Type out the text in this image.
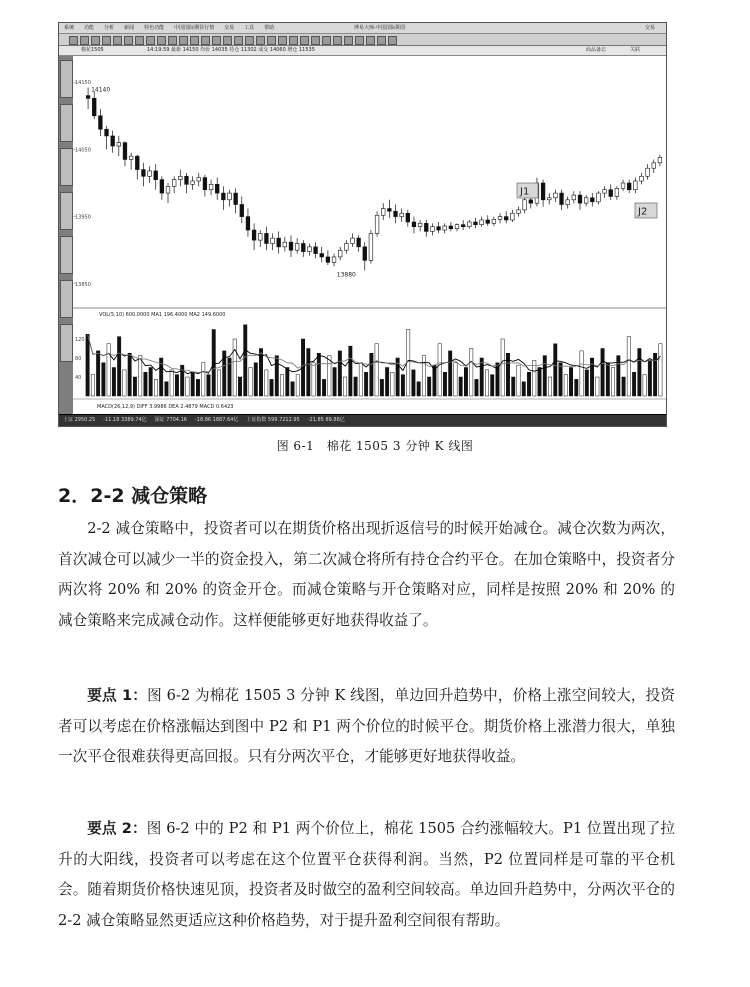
系统 功能 分析 新闻 特色功能 中国国际期货行情 交易 工具 帮助	博易大师-中国国际期货	交易
棉花1505	14:19:59 最新 14150 均价 14035 持仓 11302 成交 14060 增仓 11535	商品备忘	关联
14150
14050
13950
13850
14140
13880
J1
J2
VOL(5,10) 600.0000 MA1 196.4000 MA2 149.6000
120
80
40
MACD(26,12,9) DIFF 3.9986 DEA 2.4879 MACD 0.6423
上证 2950.25 -11.18 3389.74亿 深证 7704.16 -18.86 1887.64亿 上证指数 599.7212.95 -21.85 89.88亿
图 6-1　棉花 1505 3 分钟 K 线图
2．2-2 减仓策略

2-2 减仓策略中，投资者可以在期货价格出现折返信号的时候开始减仓。减仓次数为两次，首次减仓可以减少一半的资金投入，第二次减仓将所有持仓合约平仓。在加仓策略中，投资者分两次将 20% 和 20% 的资金开仓。而减仓策略与开仓策略对应，同样是按照 20% 和 20% 的减仓策略来完成减仓动作。这样便能够更好地获得收益了。

要点 1：图 6-2 为棉花 1505 3 分钟 K 线图，单边回升趋势中，价格上涨空间较大，投资者可以考虑在价格涨幅达到图中 P2 和 P1 两个价位的时候平仓。期货价格上涨潜力很大，单独一次平仓很难获得更高回报。只有分两次平仓，才能够更好地获得收益。

要点 2：图 6-2 中的 P2 和 P1 两个价位上，棉花 1505 合约涨幅较大。P1 位置出现了拉升的大阳线，投资者可以考虑在这个位置平仓获得利润。当然，P2 位置同样是可靠的平仓机会。随着期货价格快速见顶，投资者及时做空的盈利空间较高。单边回升趋势中，分两次平仓的 2-2 减仓策略显然更适应这种价格趋势，对于提升盈利空间很有帮助。
